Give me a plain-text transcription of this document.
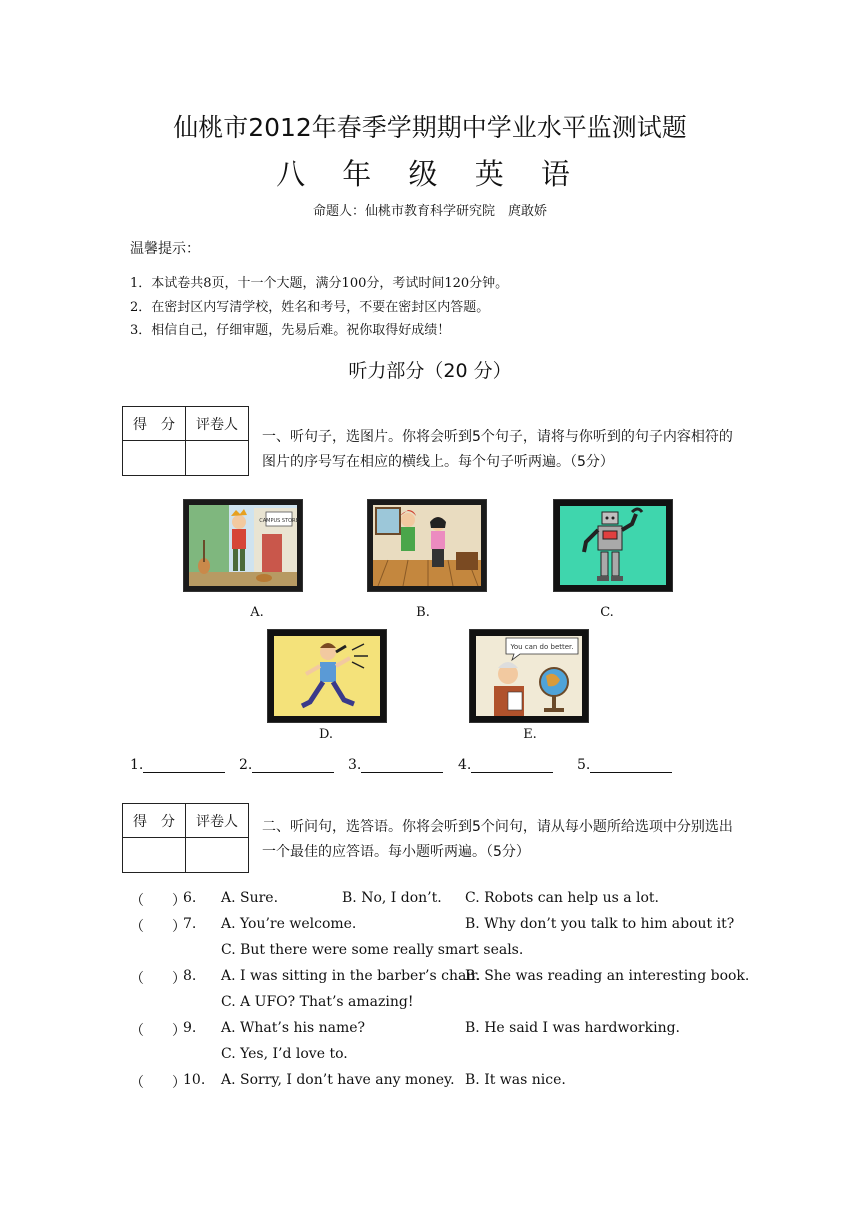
仙桃市2012年春季学期期中学业水平监测试题
八 年 级 英 语
命题人：仙桃市教育科学研究院　庹敢娇
温馨提示：
1．本试卷共8页，十一个大题，满分100分，考试时间120分钟。
2．在密封区内写清学校，姓名和考号，不要在密封区内答题。
3．相信自己，仔细审题，先易后难。祝你取得好成绩！
听力部分（20 分）
得　分	评卷人

一、听句子，选图片。你将会听到5个句子，请将与你听到的句子内容相符的图片的序号写在相应的横线上。每个句子听两遍。（5分）
CAMPUS STORE
A.	B.	C.
You can do better.
D.	E.
1.	2.	3.	4.	5.
得　分	评卷人
	二、听问句，选答语。你将会听到5个问句，请从每小题所给选项中分别选出一个最佳的应答语。每小题听两遍。（5分）
（　　）
6. A. Sure.	B. No, I don’t. C. Robots can help us a lot.
（　　）
7. A. You’re welcome.	B. Why don’t you talk to him about it?
C. But there were some really smart seals.
（　　）
8. A. I was sitting in the barber’s chair.
B. She was reading an interesting book.
C. A UFO? That’s amazing!
（　　）
9. A. What’s his name?	B. He said I was hardworking.
C. Yes, I’d love to.
（　　）
10. A. Sorry, I don’t have any money. B. It was nice.
